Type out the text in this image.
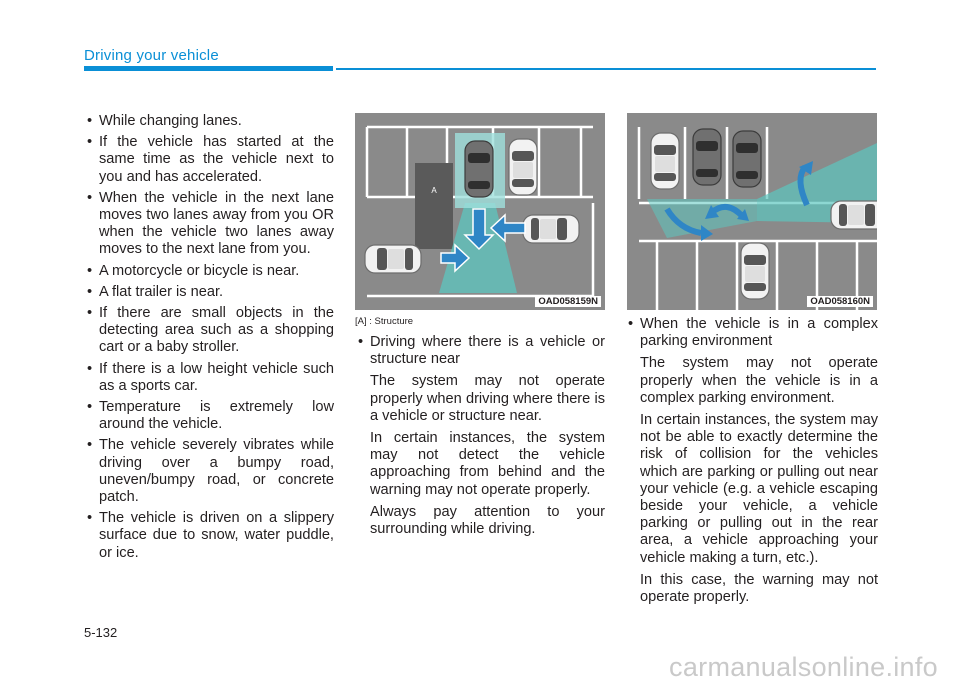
Driving your vehicle
• While changing lanes.
• If the vehicle has started at the same time as the vehicle next to you and has accelerated.
• When the vehicle in the next lane moves two lanes away from you OR when the vehicle two lanes away moves to the next lane from you.
• A motorcycle or bicycle is near.
• A flat trailer is near.
• If there are small objects in the detecting area such as a shopping cart or a baby stroller.
• If there is a low height vehicle such as a sports car.
• Temperature is extremely low around the vehicle.
• The vehicle severely vibrates while driving over a bumpy road, uneven/bumpy road, or concrete patch.
• The vehicle is driven on a slippery surface due to snow, water puddle, or ice.
A
OAD058159N
[A] : Structure
OAD058160N
• Driving where there is a vehicle or structure near
The system may not operate properly when driving where there is a vehicle or structure near.
In certain instances, the system may not detect the vehicle approaching from behind and the warning may not operate properly.
Always pay attention to your surrounding while driving.
• When the vehicle is in a complex parking environment
The system may not operate properly when the vehicle is in a complex parking environment.
In certain instances, the system may not be able to exactly determine the risk of collision for the vehicles which are parking or pulling out near your vehicle (e.g. a vehicle escaping beside your vehicle, a vehicle parking or pulling out in the rear area, a vehicle approaching your vehicle making a turn, etc.).
In this case, the warning may not operate properly.
5-132
carmanualsonline.info
